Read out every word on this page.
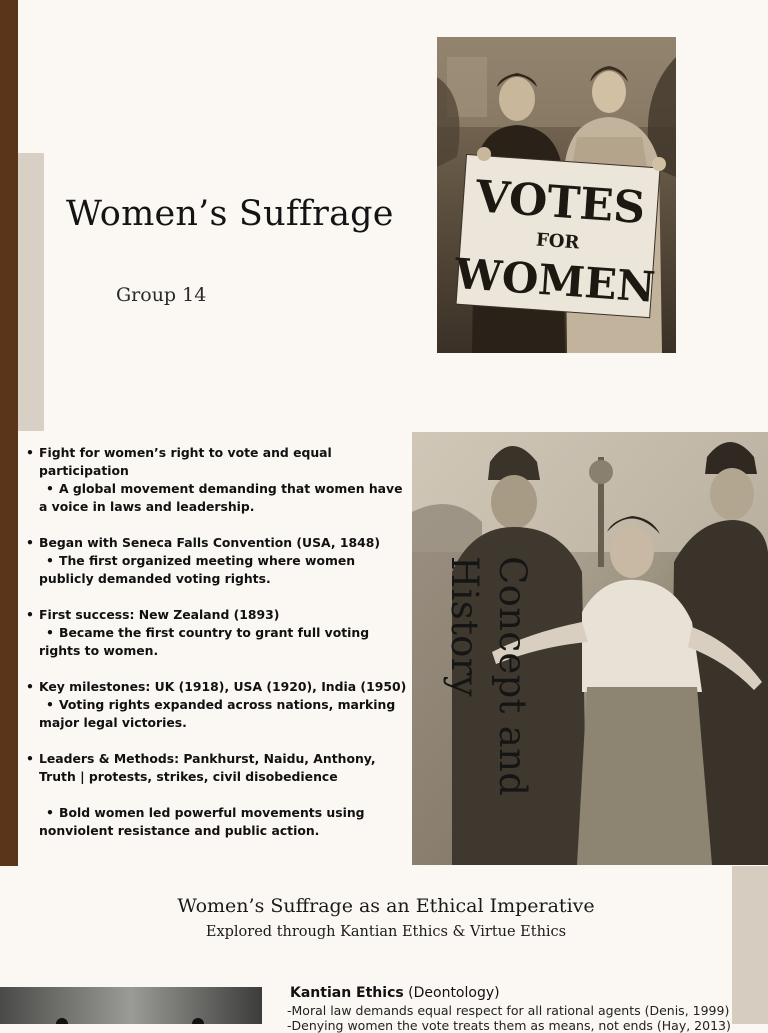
Women’s Suffrage
Group 14
VOTES
FOR
WOMEN
• Fight for women’s right to vote and equal participation
• A global movement demanding that women have a voice in laws and leadership.
• Began with Seneca Falls Convention (USA, 1848)
• The first organized meeting where women publicly demanded voting rights.
• First success: New Zealand (1893)
• Became the first country to grant full voting rights to women.
• Key milestones: UK (1918), USA (1920), India (1950)
• Voting rights expanded across nations, marking major legal victories.
• Leaders & Methods: Pankhurst, Naidu, Anthony, Truth | protests, strikes, civil disobedience
• Bold women led powerful movements using nonviolent resistance and public action.
Concept and History
Women’s Suffrage as an Ethical Imperative
Explored through Kantian Ethics & Virtue Ethics
Kantian Ethics (Deontology)
-Moral law demands equal respect for all rational agents (Denis, 1999)
-Denying women the vote treats them as means, not ends (Hay, 2013)
